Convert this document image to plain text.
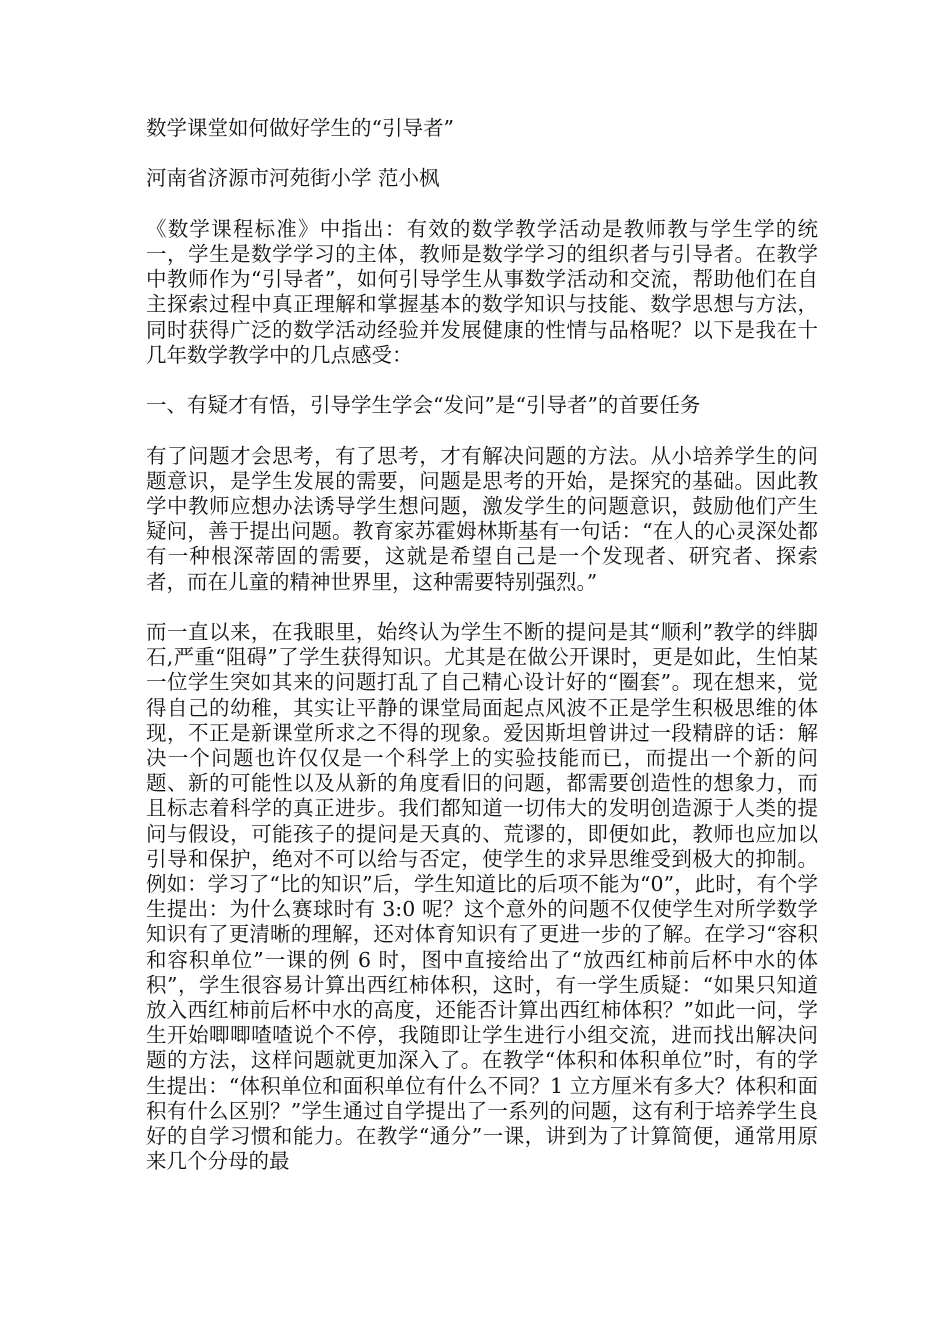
数学课堂如何做好学生的“引导者”

河南省济源市河苑街小学 范小枫

《数学课程标准》中指出：有效的数学教学活动是教师教与学生学的统一，学生是数学学习的主体，教师是数学学习的组织者与引导者。在教学中教师作为“引导者”，如何引导学生从事数学活动和交流，帮助他们在自主探索过程中真正理解和掌握基本的数学知识与技能、数学思想与方法，同时获得广泛的数学活动经验并发展健康的性情与品格呢？以下是我在十几年数学教学中的几点感受：

一、有疑才有悟，引导学生学会“发问”是“引导者”的首要任务

有了问题才会思考，有了思考，才有解决问题的方法。从小培养学生的问题意识，是学生发展的需要，问题是思考的开始，是探究的基础。因此教学中教师应想办法诱导学生想问题，激发学生的问题意识，鼓励他们产生疑问，善于提出问题。教育家苏霍姆林斯基有一句话：“在人的心灵深处都有一种根深蒂固的需要，这就是希望自己是一个发现者、研究者、探索者，而在儿童的精神世界里，这种需要特别强烈。”

而一直以来，在我眼里，始终认为学生不断的提问是其“顺利”教学的绊脚石,严重“阻碍”了学生获得知识。尤其是在做公开课时，更是如此，生怕某一位学生突如其来的问题打乱了自己精心设计好的“圈套”。现在想来，觉得自己的幼稚，其实让平静的课堂局面起点风波不正是学生积极思维的体现，不正是新课堂所求之不得的现象。爱因斯坦曾讲过一段精辟的话：解决一个问题也许仅仅是一个科学上的实验技能而已，而提出一个新的问题、新的可能性以及从新的角度看旧的问题，都需要创造性的想象力，而且标志着科学的真正进步。我们都知道一切伟大的发明创造源于人类的提问与假设，可能孩子的提问是天真的、荒谬的，即便如此，教师也应加以引导和保护，绝对不可以给与否定，使学生的求异思维受到极大的抑制。例如：学习了“比的知识”后，学生知道比的后项不能为“0”，此时，有个学生提出：为什么赛球时有 3:0 呢？这个意外的问题不仅使学生对所学数学知识有了更清晰的理解，还对体育知识有了更进一步的了解。在学习“容积和容积单位”一课的例 6 时，图中直接给出了“放西红柿前后杯中水的体积”，学生很容易计算出西红柿体积，这时，有一学生质疑：“如果只知道放入西红柿前后杯中水的高度，还能否计算出西红柿体积？”如此一问，学生开始唧唧喳喳说个不停，我随即让学生进行小组交流，进而找出解决问题的方法，这样问题就更加深入了。在教学“体积和体积单位”时，有的学生提出：“体积单位和面积单位有什么不同？1 立方厘米有多大？体积和面积有什么区别？”学生通过自学提出了一系列的问题，这有利于培养学生良好的自学习惯和能力。在教学“通分”一课，讲到为了计算简便，通常用原来几个分母的最
